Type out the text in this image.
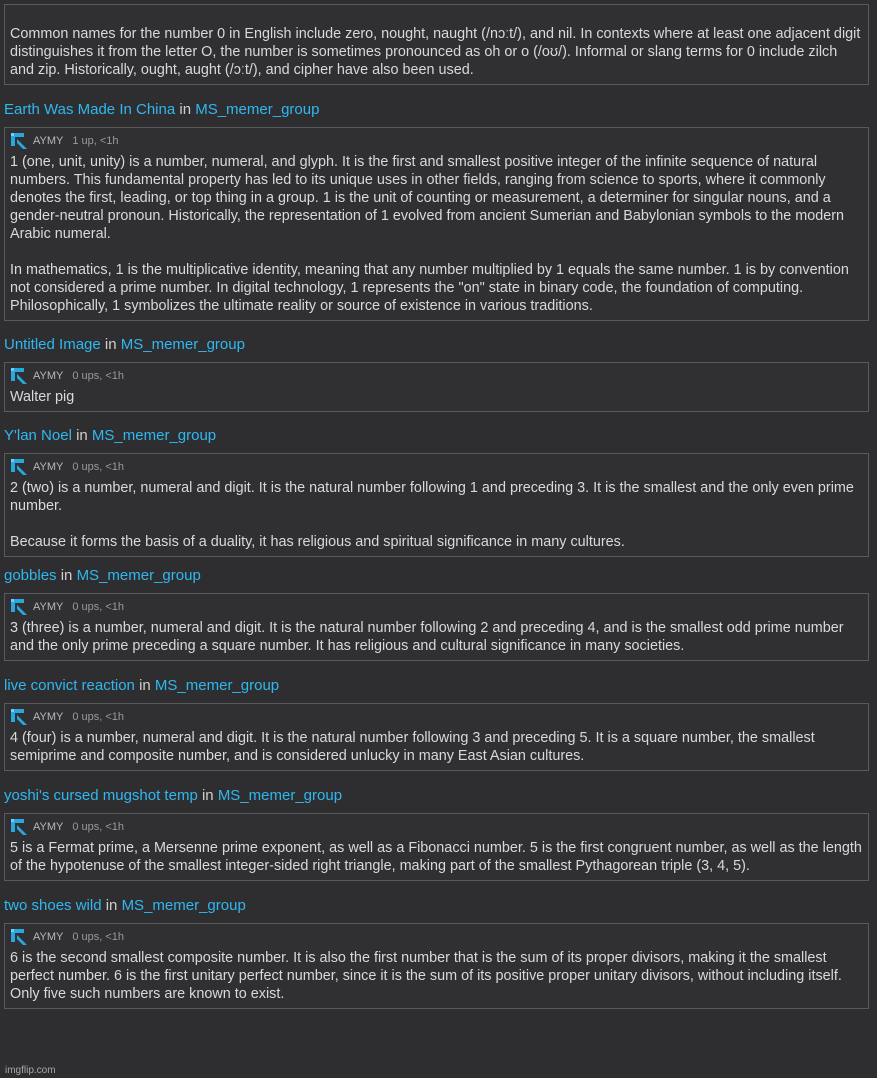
Common names for the number 0 in English include zero, nought, naught (/nɔːt/), and nil. In contexts where at least one adjacent digit distinguishes it from the letter O, the number is sometimes pronounced as oh or o (/oʊ/). Informal or slang terms for 0 include zilch and zip. Historically, ought, aught (/ɔːt/), and cipher have also been used.
Earth Was Made In China in MS_memer_group
AYMY 1 up, <1h
1 (one, unit, unity) is a number, numeral, and glyph. It is the first and smallest positive integer of the infinite sequence of natural numbers. This fundamental property has led to its unique uses in other fields, ranging from science to sports, where it commonly denotes the first, leading, or top thing in a group. 1 is the unit of counting or measurement, a determiner for singular nouns, and a gender-neutral pronoun. Historically, the representation of 1 evolved from ancient Sumerian and Babylonian symbols to the modern Arabic numeral.

In mathematics, 1 is the multiplicative identity, meaning that any number multiplied by 1 equals the same number. 1 is by convention not considered a prime number. In digital technology, 1 represents the "on" state in binary code, the foundation of computing. Philosophically, 1 symbolizes the ultimate reality or source of existence in various traditions.
Untitled Image in MS_memer_group
AYMY 0 ups, <1h
Walter pig
Y'lan Noel in MS_memer_group
AYMY 0 ups, <1h
2 (two) is a number, numeral and digit. It is the natural number following 1 and preceding 3. It is the smallest and the only even prime number.

Because it forms the basis of a duality, it has religious and spiritual significance in many cultures.
gobbles in MS_memer_group
AYMY 0 ups, <1h
3 (three) is a number, numeral and digit. It is the natural number following 2 and preceding 4, and is the smallest odd prime number and the only prime preceding a square number. It has religious and cultural significance in many societies.
live convict reaction in MS_memer_group
AYMY 0 ups, <1h
4 (four) is a number, numeral and digit. It is the natural number following 3 and preceding 5. It is a square number, the smallest semiprime and composite number, and is considered unlucky in many East Asian cultures.
yoshi's cursed mugshot temp in MS_memer_group
AYMY 0 ups, <1h
5 is a Fermat prime, a Mersenne prime exponent, as well as a Fibonacci number. 5 is the first congruent number, as well as the length of the hypotenuse of the smallest integer-sided right triangle, making part of the smallest Pythagorean triple (3, 4, 5).
two shoes wild in MS_memer_group
AYMY 0 ups, <1h
6 is the second smallest composite number. It is also the first number that is the sum of its proper divisors, making it the smallest perfect number. 6 is the first unitary perfect number, since it is the sum of its positive proper unitary divisors, without including itself. Only five such numbers are known to exist.
imgflip.com
